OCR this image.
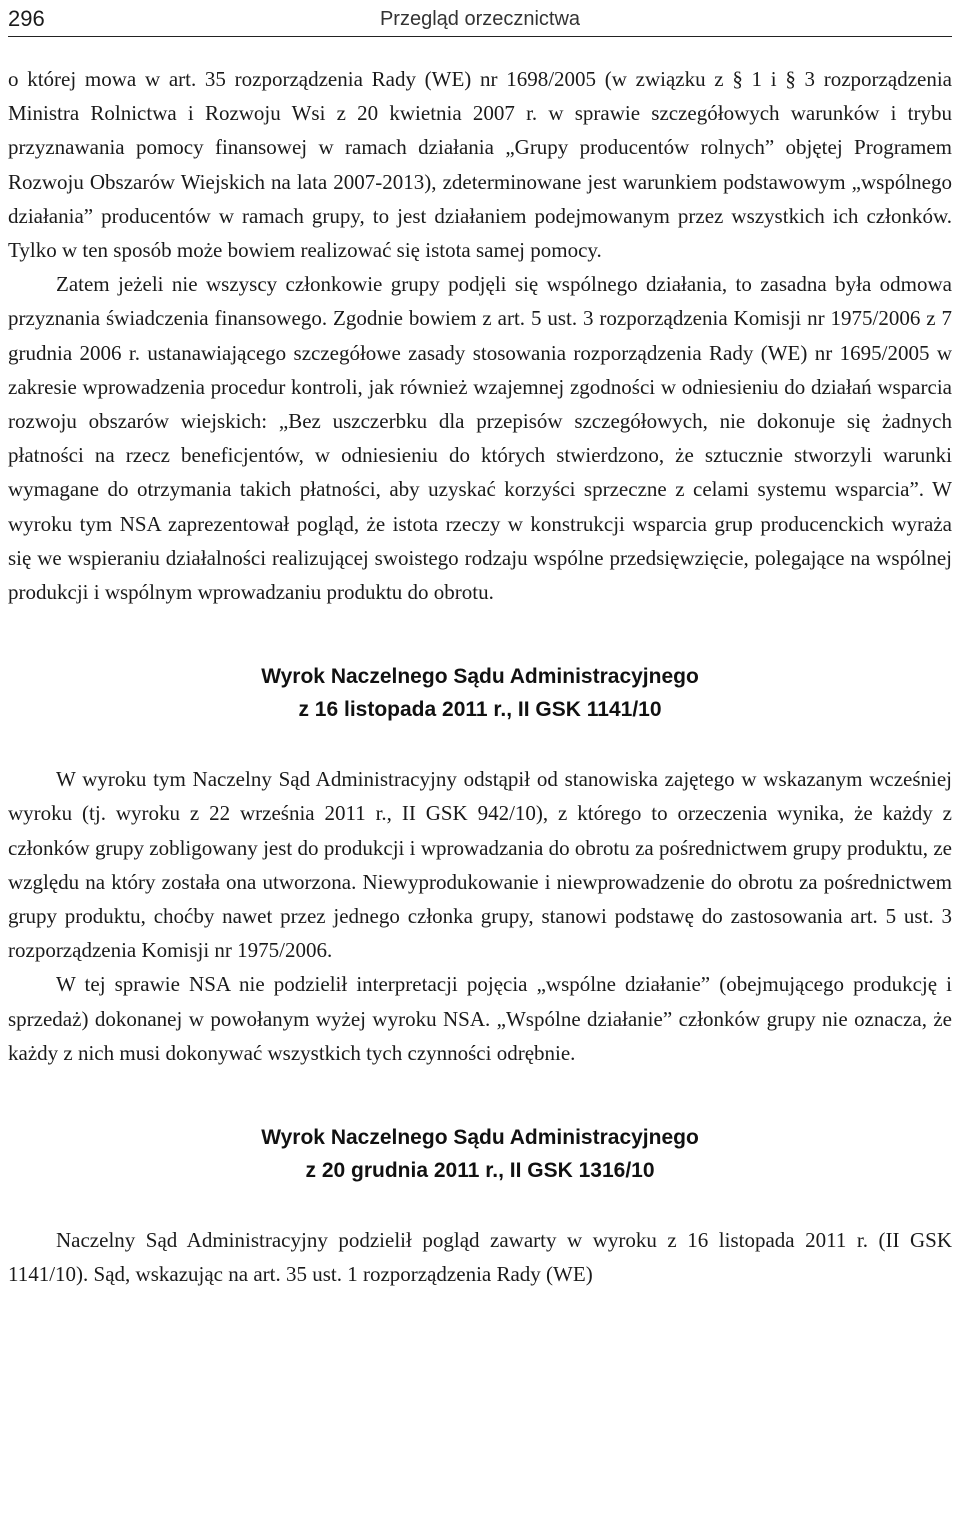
296	Przegląd orzecznictwa

o której mowa w art. 35 rozporządzenia Rady (WE) nr 1698/2005 (w związku z § 1 i § 3 rozporządzenia Ministra Rolnictwa i Rozwoju Wsi z 20 kwietnia 2007 r. w sprawie szczegółowych warunków i trybu przyznawania pomocy finansowej w ramach działania „Grupy producentów rolnych” objętej Programem Rozwoju Obszarów Wiejskich na lata 2007-2013), zdeterminowane jest warunkiem podstawowym „wspólnego działania” producentów w ramach grupy, to jest działaniem podejmowanym przez wszystkich ich członków. Tylko w ten sposób może bowiem realizować się istota samej pomocy.

Zatem jeżeli nie wszyscy członkowie grupy podjęli się wspólnego działania, to zasadna była odmowa przyznania świadczenia finansowego. Zgodnie bowiem z art. 5 ust. 3 rozporządzenia Komisji nr 1975/2006 z 7 grudnia 2006 r. ustanawiającego szczegółowe zasady stosowania rozporządzenia Rady (WE) nr 1695/2005 w zakresie wprowadzenia procedur kontroli, jak również wzajemnej zgodności w odniesieniu do działań wsparcia rozwoju obszarów wiejskich: „Bez uszczerbku dla przepisów szczegółowych, nie dokonuje się żadnych płatności na rzecz beneficjentów, w odniesieniu do których stwierdzono, że sztucznie stworzyli warunki wymagane do otrzymania takich płatności, aby uzyskać korzyści sprzeczne z celami systemu wsparcia”. W wyroku tym NSA zaprezentował pogląd, że istota rzeczy w konstrukcji wsparcia grup producenckich wyraża się we wspieraniu działalności realizującej swoistego rodzaju wspólne przedsięwzięcie, polegające na wspólnej produkcji i wspólnym wprowadzaniu produktu do obrotu.

Wyrok Naczelnego Sądu Administracyjnego
z 16 listopada 2011 r., II GSK 1141/10

W wyroku tym Naczelny Sąd Administracyjny odstąpił od stanowiska zajętego w wskazanym wcześniej wyroku (tj. wyroku z 22 września 2011 r., II GSK 942/10), z którego to orzeczenia wynika, że każdy z członków grupy zobligowany jest do produkcji i wprowadzania do obrotu za pośrednictwem grupy produktu, ze względu na który została ona utworzona. Niewyprodukowanie i niewprowadzenie do obrotu za pośrednictwem grupy produktu, choćby nawet przez jednego członka grupy, stanowi podstawę do zastosowania art. 5 ust. 3 rozporządzenia Komisji nr 1975/2006.

W tej sprawie NSA nie podzielił interpretacji pojęcia „wspólne działanie” (obejmującego produkcję i sprzedaż) dokonanej w powołanym wyżej wyroku NSA. „Wspólne działanie” członków grupy nie oznacza, że każdy z nich musi dokonywać wszystkich tych czynności odrębnie.

Wyrok Naczelnego Sądu Administracyjnego
z 20 grudnia 2011 r., II GSK 1316/10

Naczelny Sąd Administracyjny podzielił pogląd zawarty w wyroku z 16 listopada 2011 r. (II GSK 1141/10). Sąd, wskazując na art. 35 ust. 1 rozporządzenia Rady (WE)
